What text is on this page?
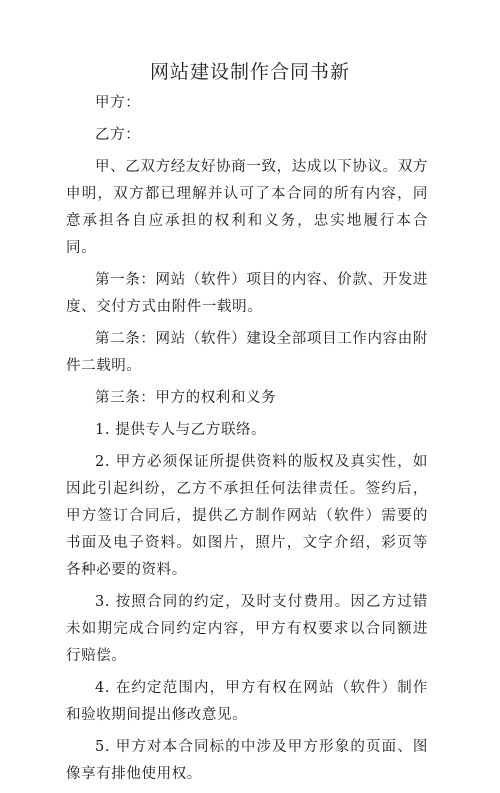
网站建设制作合同书新

甲方：

乙方：

甲、乙双方经友好协商一致，达成以下协议。双方申明，双方都已理解并认可了本合同的所有内容，同意承担各自应承担的权利和义务，忠实地履行本合同。

第一条：网站（软件）项目的内容、价款、开发进度、交付方式由附件一载明。

第二条：网站（软件）建设全部项目工作内容由附件二载明。

第三条：甲方的权利和义务

1. 提供专人与乙方联络。

2. 甲方必须保证所提供资料的版权及真实性，如因此引起纠纷，乙方不承担任何法律责任。签约后，甲方签订合同后，提供乙方制作网站（软件）需要的书面及电子资料。如图片，照片，文字介绍，彩页等各种必要的资料。

3. 按照合同的约定，及时支付费用。因乙方过错未如期完成合同约定内容，甲方有权要求以合同额进行赔偿。

4. 在约定范围内，甲方有权在网站（软件）制作和验收期间提出修改意见。

5. 甲方对本合同标的中涉及甲方形象的页面、图像享有排他使用权。
